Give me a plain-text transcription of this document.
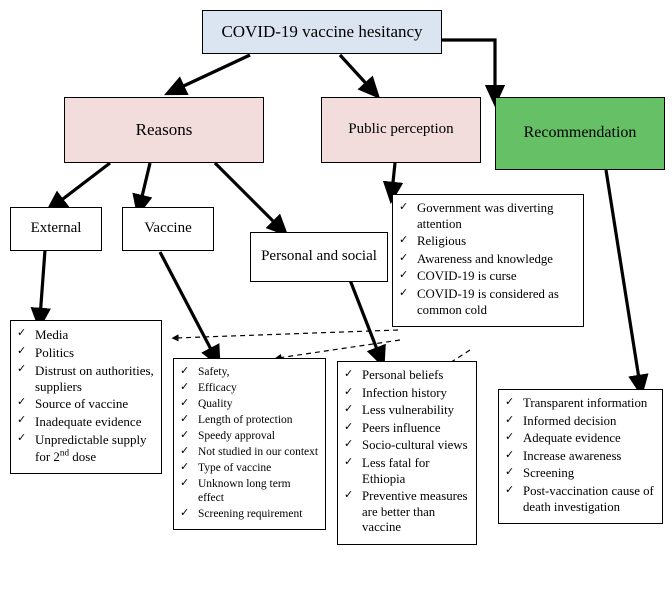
COVID-19 vaccine hesitancy
Reasons	Public perception	Recommendation
External	Vaccine
Personal and social
✓ Media
✓ Politics
✓ Distrust on authorities, suppliers
✓ Source of vaccine
✓ Inadequate evidence
✓ Unpredictable supply for 2nd dose
✓ Safety,
✓ Efficacy
✓ Quality
✓ Length of protection
✓ Speedy approval
✓ Not studied in our context
✓ Type of vaccine
✓ Unknown long term effect
✓ Screening requirement
✓ Personal beliefs
✓ Infection history
✓ Less vulnerability
✓ Peers influence
✓ Socio-cultural views
✓ Less fatal for Ethiopia
✓ Preventive measures are better than vaccine
✓ Government was diverting attention
✓ Religious
✓ Awareness and knowledge
✓ COVID-19 is curse
✓ COVID-19 is considered as common cold
✓ Transparent information
✓ Informed decision
✓ Adequate evidence
✓ Increase awareness
✓ Screening
✓ Post-vaccination cause of death investigation
